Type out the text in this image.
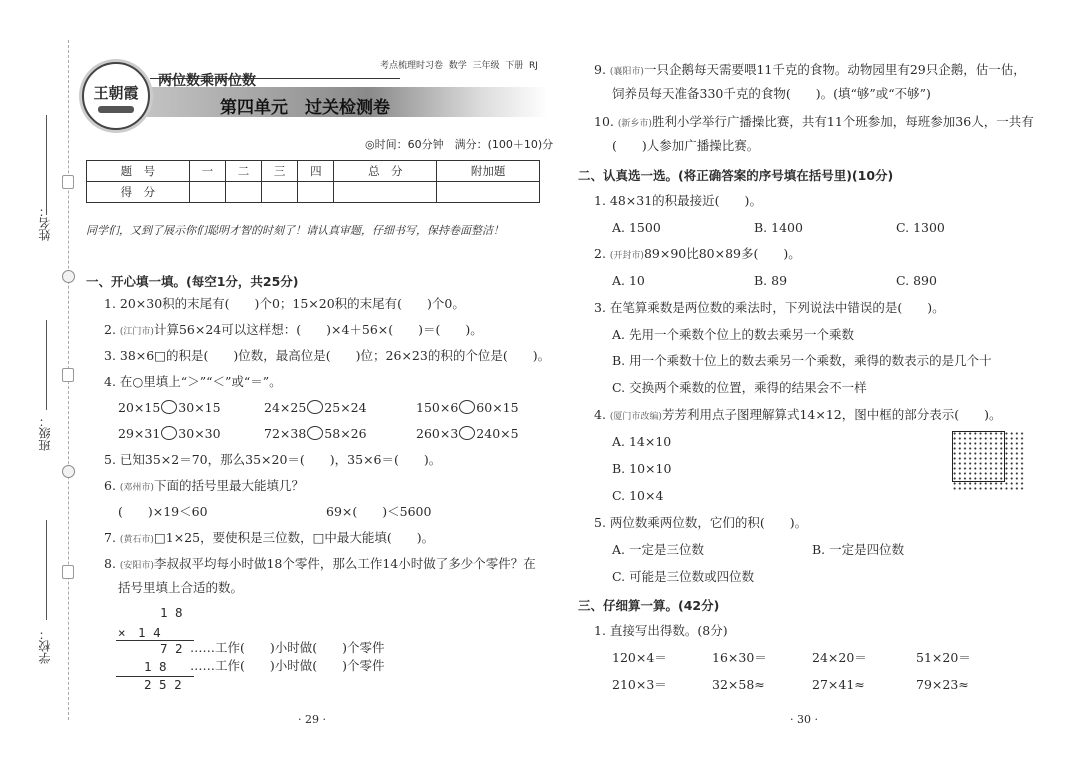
姓名：
班级：
学校：
考点梳理时习卷 数学 三年级 下册 RJ
两位数乘两位数
第四单元　过关检测卷
王朝霞
◎时间：60分钟　满分：(100＋10)分
题　号	一	二	三	四	总　分	附加题
得　分						
同学们，又到了展示你们聪明才智的时刻了！请认真审题，仔细书写，保持卷面整洁！
一、开心填一填。(每空1分，共25分)
1. 20×30积的末尾有(　　)个0；15×20积的末尾有(　　)个0。
2. (江门市)计算56×24可以这样想：(　　)×4＋56×(　　)＝(　　)。
3. 38×6□的积是(　　)位数，最高位是(　　)位；26×23的积的个位是(　　)。
4. 在○里填上“＞”“＜”或“＝”。
20×15 30×15	24×25 25×24	150×6 60×15
29×31 30×30	72×38 58×26	260×3 240×5
5. 已知35×2＝70，那么35×20＝(　　)，35×6＝(　　)。
6. (邓州市)下面的括号里最大能填几？
(　　)×19＜60	69×(　　)＜5600
7. (黄石市)□1×25，要使积是三位数，□中最大能填(　　)。
8. (安阳市)李叔叔平均每小时做18个零件，那么工作14小时做了多少个零件？在
括号里填上合适的数。
1 8
×　1 4
7 2 ……工作(　　)小时做(　　)个零件
1 8 ……工作(　　)小时做(　　)个零件
2 5 2
· 29 ·
9. (襄阳市)一只企鹅每天需要喂11千克的食物。动物园里有29只企鹅，估一估，
饲养员每天准备330千克的食物(　　)。(填“够”或“不够”)
10. (新乡市)胜利小学举行广播操比赛，共有11个班参加，每班参加36人，一共有
(　　)人参加广播操比赛。
二、认真选一选。(将正确答案的序号填在括号里)(10分)
1. 48×31的积最接近(　　)。
A. 1500	B. 1400	C. 1300
2. (开封市)89×90比80×89多(　　)。
A. 10	B. 89	C. 890
3. 在笔算乘数是两位数的乘法时，下列说法中错误的是(　　)。
A. 先用一个乘数个位上的数去乘另一个乘数
B. 用一个乘数十位上的数去乘另一个乘数，乘得的数表示的是几个十
C. 交换两个乘数的位置，乘得的结果会不一样
4. (厦门市改编)芳芳利用点子图理解算式14×12，图中框的部分表示(　　)。
A. 14×10
B. 10×10
C. 10×4
5. 两位数乘两位数，它们的积(　　)。
A. 一定是三位数	B. 一定是四位数
C. 可能是三位数或四位数
三、仔细算一算。(42分)
1. 直接写出得数。(8分)
120×4＝	16×30＝	24×20＝	51×20＝
210×3＝	32×58≈	27×41≈	79×23≈
· 30 ·
